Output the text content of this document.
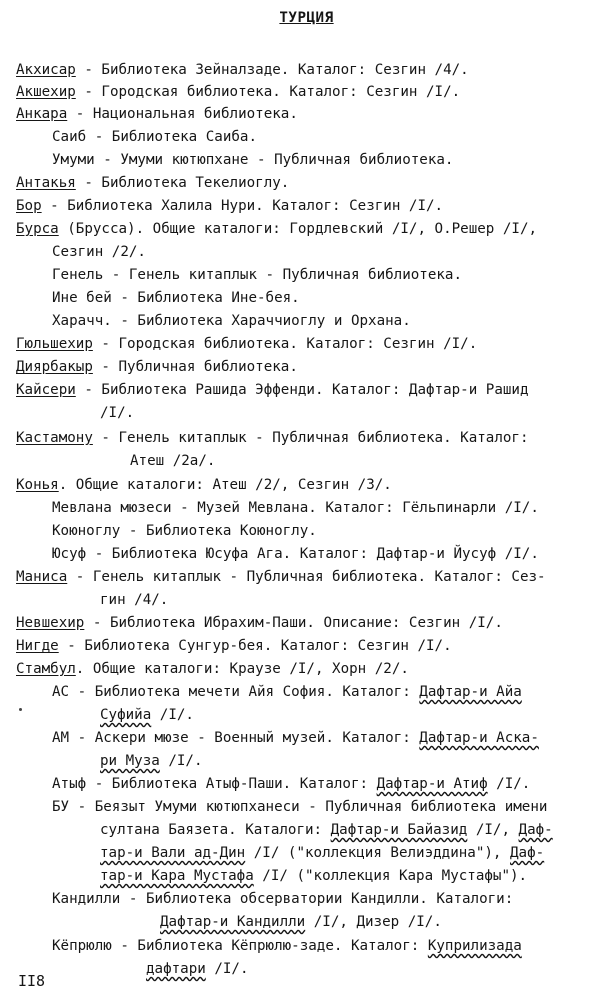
ТУРЦИЯ
Акхисар - Библиотека Зейналзаде. Каталог: Сезгин /4/.
Акшехир - Городская библиотека. Каталог: Сезгин /I/.
Анкара - Национальная библиотека.
Саиб - Библиотека Саиба.
Умуми - Умуми кютюпхане - Публичная библиотека.
Антакья - Библиотека Текелиоглу.
Бор - Библиотека Халила Нури. Каталог: Сезгин /I/.
Бурса (Брусса). Общие каталоги: Гордлевский /I/, О.Решер /I/,
Сезгин /2/.
Генель - Генель китаплык - Публичная библиотека.
Ине бей - Библиотека Ине-бея.
Харачч. - Библиотека Хараччиоглу и Орхана.
Гюльшехир - Городская библиотека. Каталог: Сезгин /I/.
Диярбакыр - Публичная библиотека.
Кайсери - Библиотека Рашида Эффенди. Каталог: Дафтар-и Рашид
/I/.
Кастамону - Генель китаплык - Публичная библиотека. Каталог:
Атеш /2а/.
Конья. Общие каталоги: Атеш /2/, Сезгин /3/.
Мевлана мюзеси - Музей Мевлана. Каталог: Гёльпинарли /I/.
Коюноглу - Библиотека Коюноглу.
Юсуф - Библиотека Юсуфа Ага. Каталог: Дафтар-и Йусуф /I/.
Маниса - Генель китаплык - Публичная библиотека. Каталог: Сез-
гин /4/.
Невшехир - Библиотека Ибрахим-Паши. Описание: Сезгин /I/.
Нигде - Библиотека Сунгур-бея. Каталог: Сезгин /I/.
Стамбул. Общие каталоги: Краузе /I/, Хорн /2/.
АС - Библиотека мечети Айя София. Каталог: Дафтар-и Айа
Суфийа /I/.
АМ - Аскери мюзе - Военный музей. Каталог: Дафтар-и Аска-
ри Муза /I/.
Атыф - Библиотека Атыф-Паши. Каталог: Дафтар-и Атиф /I/.
БУ - Беязыт Умуми кютюпханеси - Публичная библиотека имени
султана Баязета. Каталоги: Дафтар-и Байазид /I/, Даф-
тар-и Вали ад-Дин /I/ ("коллекция Велиэддина"), Даф-
тар-и Кара Мустафа /I/ ("коллекция Кара Мустафы").
Кандилли - Библиотека обсерватории Кандилли. Каталоги:
Дафтар-и Кандилли /I/, Дизер /I/.
Кёпрюлю - Библиотека Кёпрюлю-заде. Каталог: Куприлизада
дафтари /I/.
II8
